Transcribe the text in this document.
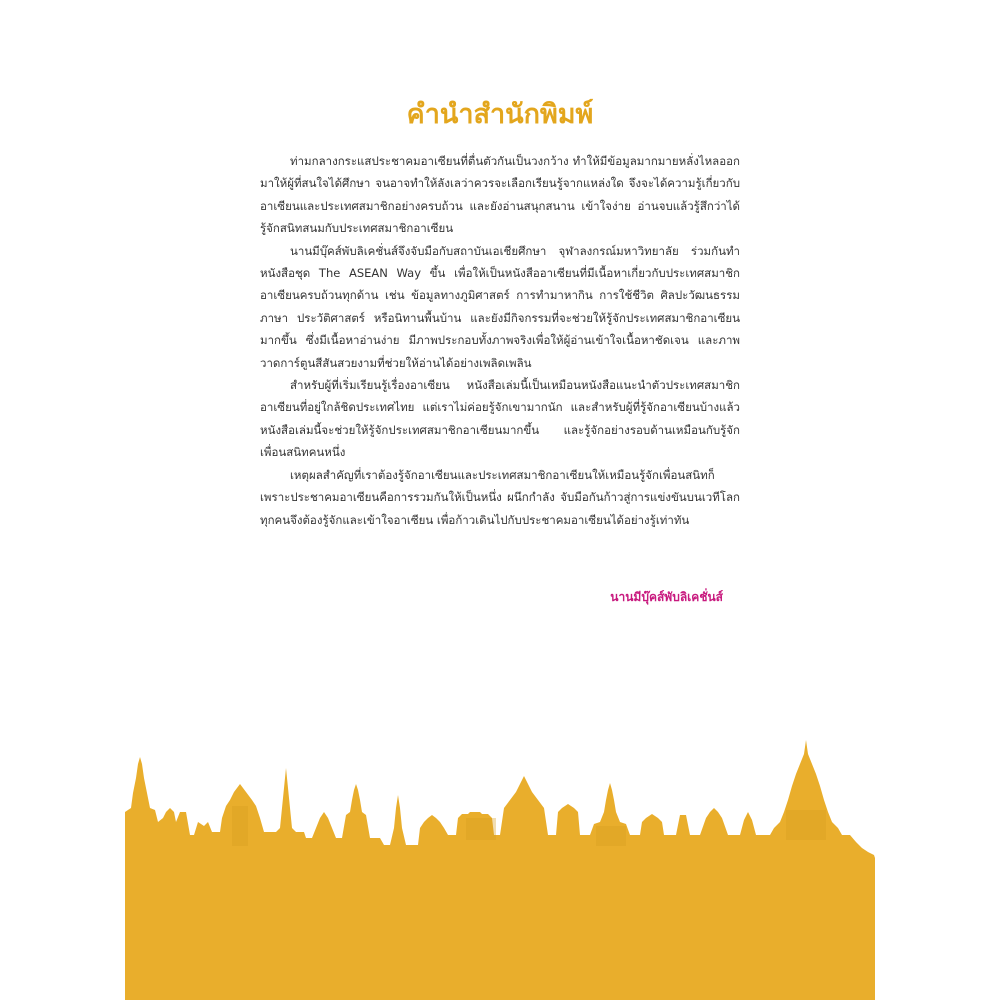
คำนำสำนักพิมพ์

ท่ามกลางกระแสประชาคมอาเซียนที่ตื่นตัวกันเป็นวงกว้าง ทำให้มีข้อมูลมากมายหลั่งไหลออกมาให้ผู้ที่สนใจได้ศึกษา จนอาจทำให้ลังเลว่าควรจะเลือกเรียนรู้จากแหล่งใด จึงจะได้ความรู้เกี่ยวกับอาเซียนและประเทศสมาชิกอย่างครบถ้วน และยังอ่านสนุกสนาน เข้าใจง่าย อ่านจบแล้วรู้สึกว่าได้รู้จักสนิทสนมกับประเทศสมาชิกอาเซียน

นานมีบุ๊คส์พับลิเคชั่นส์จึงจับมือกับสถาบันเอเชียศึกษา จุฬาลงกรณ์มหาวิทยาลัย ร่วมกันทำหนังสือชุด The ASEAN Way ขึ้น เพื่อให้เป็นหนังสืออาเซียนที่มีเนื้อหาเกี่ยวกับประเทศสมาชิกอาเซียนครบถ้วนทุกด้าน เช่น ข้อมูลทางภูมิศาสตร์ การทำมาหากิน การใช้ชีวิต ศิลปะวัฒนธรรม ภาษา ประวัติศาสตร์ หรือนิทานพื้นบ้าน และยังมีกิจกรรมที่จะช่วยให้รู้จักประเทศสมาชิกอาเซียนมากขึ้น ซึ่งมีเนื้อหาอ่านง่าย มีภาพประกอบทั้งภาพจริงเพื่อให้ผู้อ่านเข้าใจเนื้อหาชัดเจน และภาพวาดการ์ตูนสีสันสวยงามที่ช่วยให้อ่านได้อย่างเพลิดเพลิน

สำหรับผู้ที่เริ่มเรียนรู้เรื่องอาเซียน หนังสือเล่มนี้เป็นเหมือนหนังสือแนะนำตัวประเทศสมาชิกอาเซียนที่อยู่ใกล้ชิดประเทศไทย แต่เราไม่ค่อยรู้จักเขามากนัก และสำหรับผู้ที่รู้จักอาเซียนบ้างแล้ว หนังสือเล่มนี้จะช่วยให้รู้จักประเทศสมาชิกอาเซียนมากขึ้น และรู้จักอย่างรอบด้านเหมือนกับรู้จักเพื่อนสนิทคนหนึ่ง

เหตุผลสำคัญที่เราต้องรู้จักอาเซียนและประเทศสมาชิกอาเซียนให้เหมือนรู้จักเพื่อนสนิทก็เพราะประชาคมอาเซียนคือการรวมกันให้เป็นหนึ่ง ผนึกกำลัง จับมือกันก้าวสู่การแข่งขันบนเวทีโลก ทุกคนจึงต้องรู้จักและเข้าใจอาเซียน เพื่อก้าวเดินไปกับประชาคมอาเซียนได้อย่างรู้เท่าทัน

นานมีบุ๊คส์พับลิเคชั่นส์
